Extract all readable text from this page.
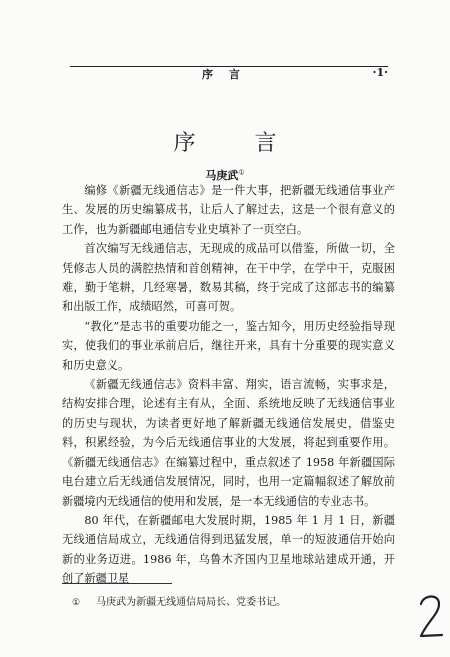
序 言	·1·
序 言
马庚武①

编修《新疆无线通信志》是一件大事，把新疆无线通信事业产生、发展的历史编纂成书，让后人了解过去，这是一个很有意义的工作，也为新疆邮电通信专业史填补了一页空白。

首次编写无线通信志，无现成的成品可以借鉴，所做一切，全凭修志人员的满腔热情和首创精神，在干中学，在学中干，克服困难，勤于笔耕，几经寒暑，数易其稿，终于完成了这部志书的编纂和出版工作，成绩昭然，可喜可贺。

“教化”是志书的重要功能之一，鉴古知今，用历史经验指导现实，使我们的事业承前启后，继往开来，具有十分重要的现实意义和历史意义。

《新疆无线通信志》资料丰富、翔实，语言流畅，实事求是，结构安排合理，论述有主有从，全面、系统地反映了无线通信事业的历史与现状，为读者更好地了解新疆无线通信发展史，借鉴史料，积累经验，为今后无线通信事业的大发展，将起到重要作用。《新疆无线通信志》在编纂过程中，重点叙述了 1958 年新疆国际电台建立后无线通信发展情况，同时，也用一定篇幅叙述了解放前新疆境内无线通信的使用和发展，是一本无线通信的专业志书。

80 年代，在新疆邮电大发展时期，1985 年 1 月 1 日，新疆无线通信局成立，无线通信得到迅猛发展，单一的短波通信开始向新的业务迈进。1986 年，乌鲁木齐国内卫星地球站建成开通，开创了新疆卫星

① 马庚武为新疆无线通信局局长、党委书记。
